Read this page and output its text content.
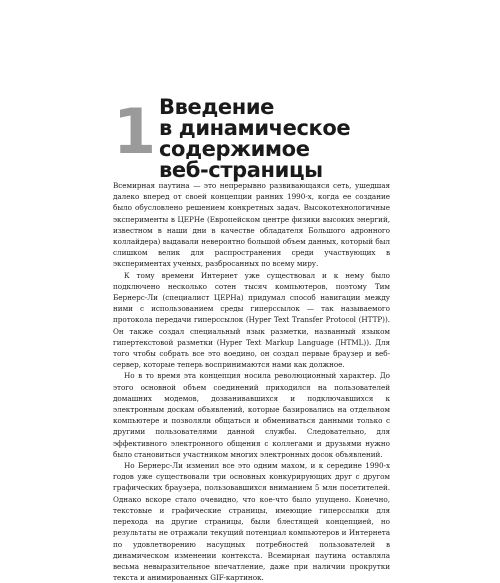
1 Введение
в динамическое
содержимое
веб-страницы

Всемирная паутина — это непрерывно развивающаяся сеть, ушедшая далеко вперед от своей концепции ранних 1990-х, когда ее создание было обусловлено решением конкретных задач. Высокотехнологичные эксперименты в ЦЕРНе (Европейском центре физики высоких энергий, известном в наши дни в качестве обладателя Большого адронного коллайдера) выдавали невероятно большой объем данных, который был слишком велик для распространения среди участвующих в экспериментах ученых, разбросанных по всему миру.

К тому времени Интернет уже существовал и к нему было подключено несколько сотен тысяч компьютеров, поэтому Тим Бернерс-Ли (специалист ЦЕРНа) придумал способ навигации между ними с использованием среды гиперссылок — так называемого протокола передачи гиперссылок (Hyper Text Transfer Protocol (HTTP)). Он также создал специальный язык разметки, названный языком гипертекстовой разметки (Hyper Text Markup Language (HTML)). Для того чтобы собрать все это воедино, он создал первые браузер и веб-сервер, которые теперь воспринимаются нами как должное.

Но в то время эта концепция носила революционный характер. До этого основной объем соединений приходился на пользователей домашних модемов, дозванивавшихся и подключавшихся к электронным доскам объявлений, которые базировались на отдельном компьютере и позволяли общаться и обмениваться данными только с другими пользователями данной службы. Следовательно, для эффективного электронного общения с коллегами и друзьями нужно было становиться участником многих электронных досок объявлений.

Но Бернерс-Ли изменил все это одним махом, и к середине 1990-х годов уже существовали три основных конкурирующих друг с другом графических браузера, пользовавшихся вниманием 5 млн посетителей. Однако вскоре стало очевидно, что кое-что было упущено. Конечно, текстовые и графические страницы, имеющие гиперссылки для перехода на другие страницы, были блестящей концепцией, но результаты не отражали текущий потенциал компьютеров и Интернета по удовлетворению насущных потребностей пользователей в динамическом изменении контекста. Всемирная паутина оставляла весьма невыразительное впечатление, даже при наличии прокрутки текста и анимированных GIF-картинок.
